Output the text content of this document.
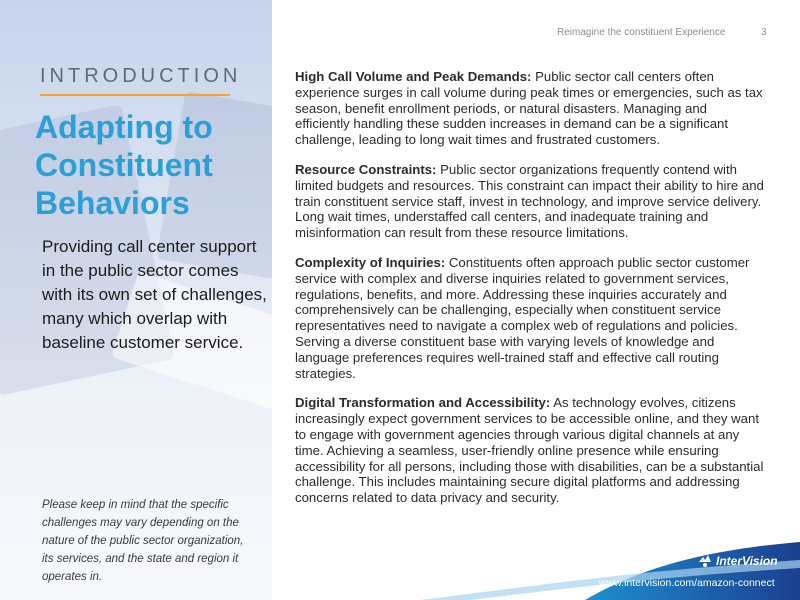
INTRODUCTION
Adapting to
Constituent
Behaviors

Providing call center support in the public sector comes with its own set of challenges, many which overlap with baseline customer service.

Please keep in mind that the specific challenges may vary depending on the nature of the public sector organization, its services, and the state and region it operates in.

Reimagine the constituent Experience	3

High Call Volume and Peak Demands: Public sector call centers often experience surges in call volume during peak times or emergencies, such as tax season, benefit enrollment periods, or natural disasters. Managing and efficiently handling these sudden increases in demand can be a significant challenge, leading to long wait times and frustrated customers.

Resource Constraints: Public sector organizations frequently contend with limited budgets and resources. This constraint can impact their ability to hire and train constituent service staff, invest in technology, and improve service delivery. Long wait times, understaffed call centers, and inadequate training and misinformation can result from these resource limitations.

Complexity of Inquiries: Constituents often approach public sector customer service with complex and diverse inquiries related to government services, regulations, benefits, and more. Addressing these inquiries accurately and comprehensively can be challenging, especially when constituent service representatives need to navigate a complex web of regulations and policies. Serving a diverse constituent base with varying levels of knowledge and language preferences requires well-trained staff and effective call routing strategies.

Digital Transformation and Accessibility: As technology evolves, citizens increasingly expect government services to be accessible online, and they want to engage with government agencies through various digital channels at any time. Achieving a seamless, user-friendly online presence while ensuring accessibility for all persons, including those with disabilities, can be a substantial challenge. This includes maintaining secure digital platforms and addressing concerns related to data privacy and security.

InterVision
www.intervision.com/amazon-connect
